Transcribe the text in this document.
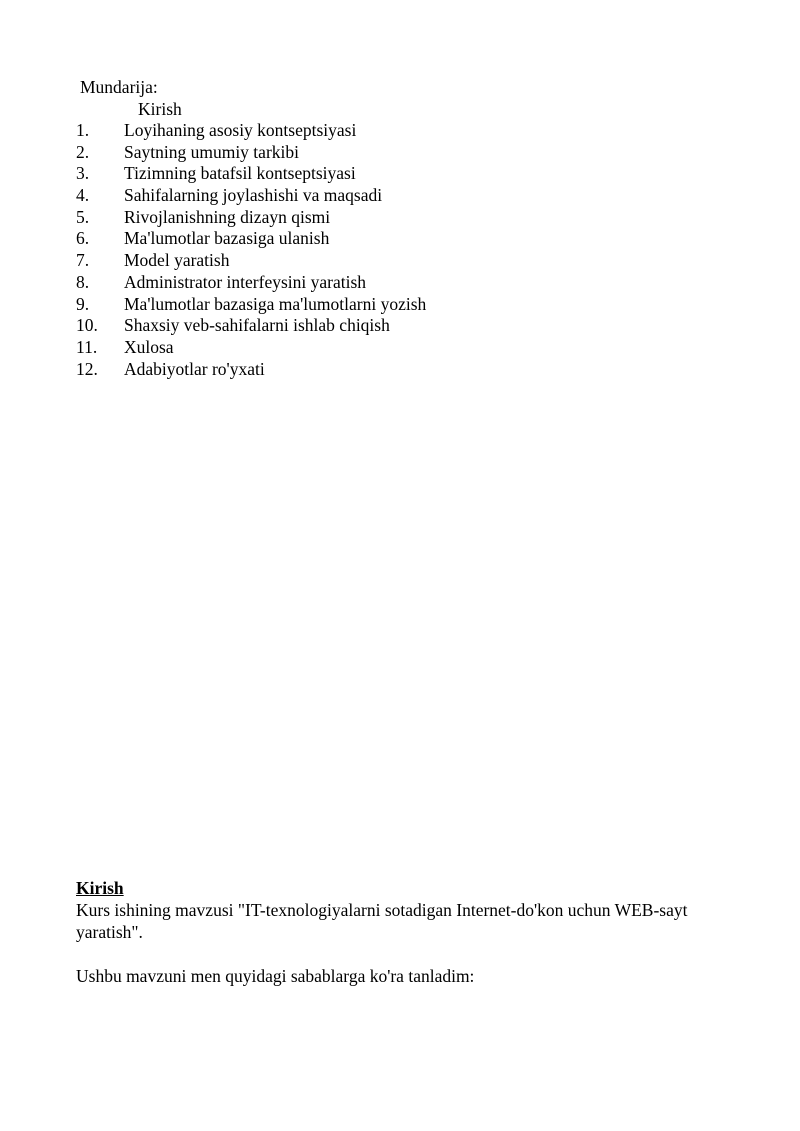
Mundarija:
Kirish
1. Loyihaning asosiy kontseptsiyasi
2. Saytning umumiy tarkibi
3. Tizimning batafsil kontseptsiyasi
4. Sahifalarning joylashishi va maqsadi
5. Rivojlanishning dizayn qismi
6. Ma'lumotlar bazasiga ulanish
7. Model yaratish
8. Administrator interfeysini yaratish
9. Ma'lumotlar bazasiga ma'lumotlarni yozish
10. Shaxsiy veb-sahifalarni ishlab chiqish
11. Xulosa
12. Adabiyotlar ro'yxati
Kirish

Kurs ishining mavzusi "IT-texnologiyalarni sotadigan Internet-do'kon uchun WEB-sayt yaratish".

Ushbu mavzuni men quyidagi sabablarga ko'ra tanladim:
